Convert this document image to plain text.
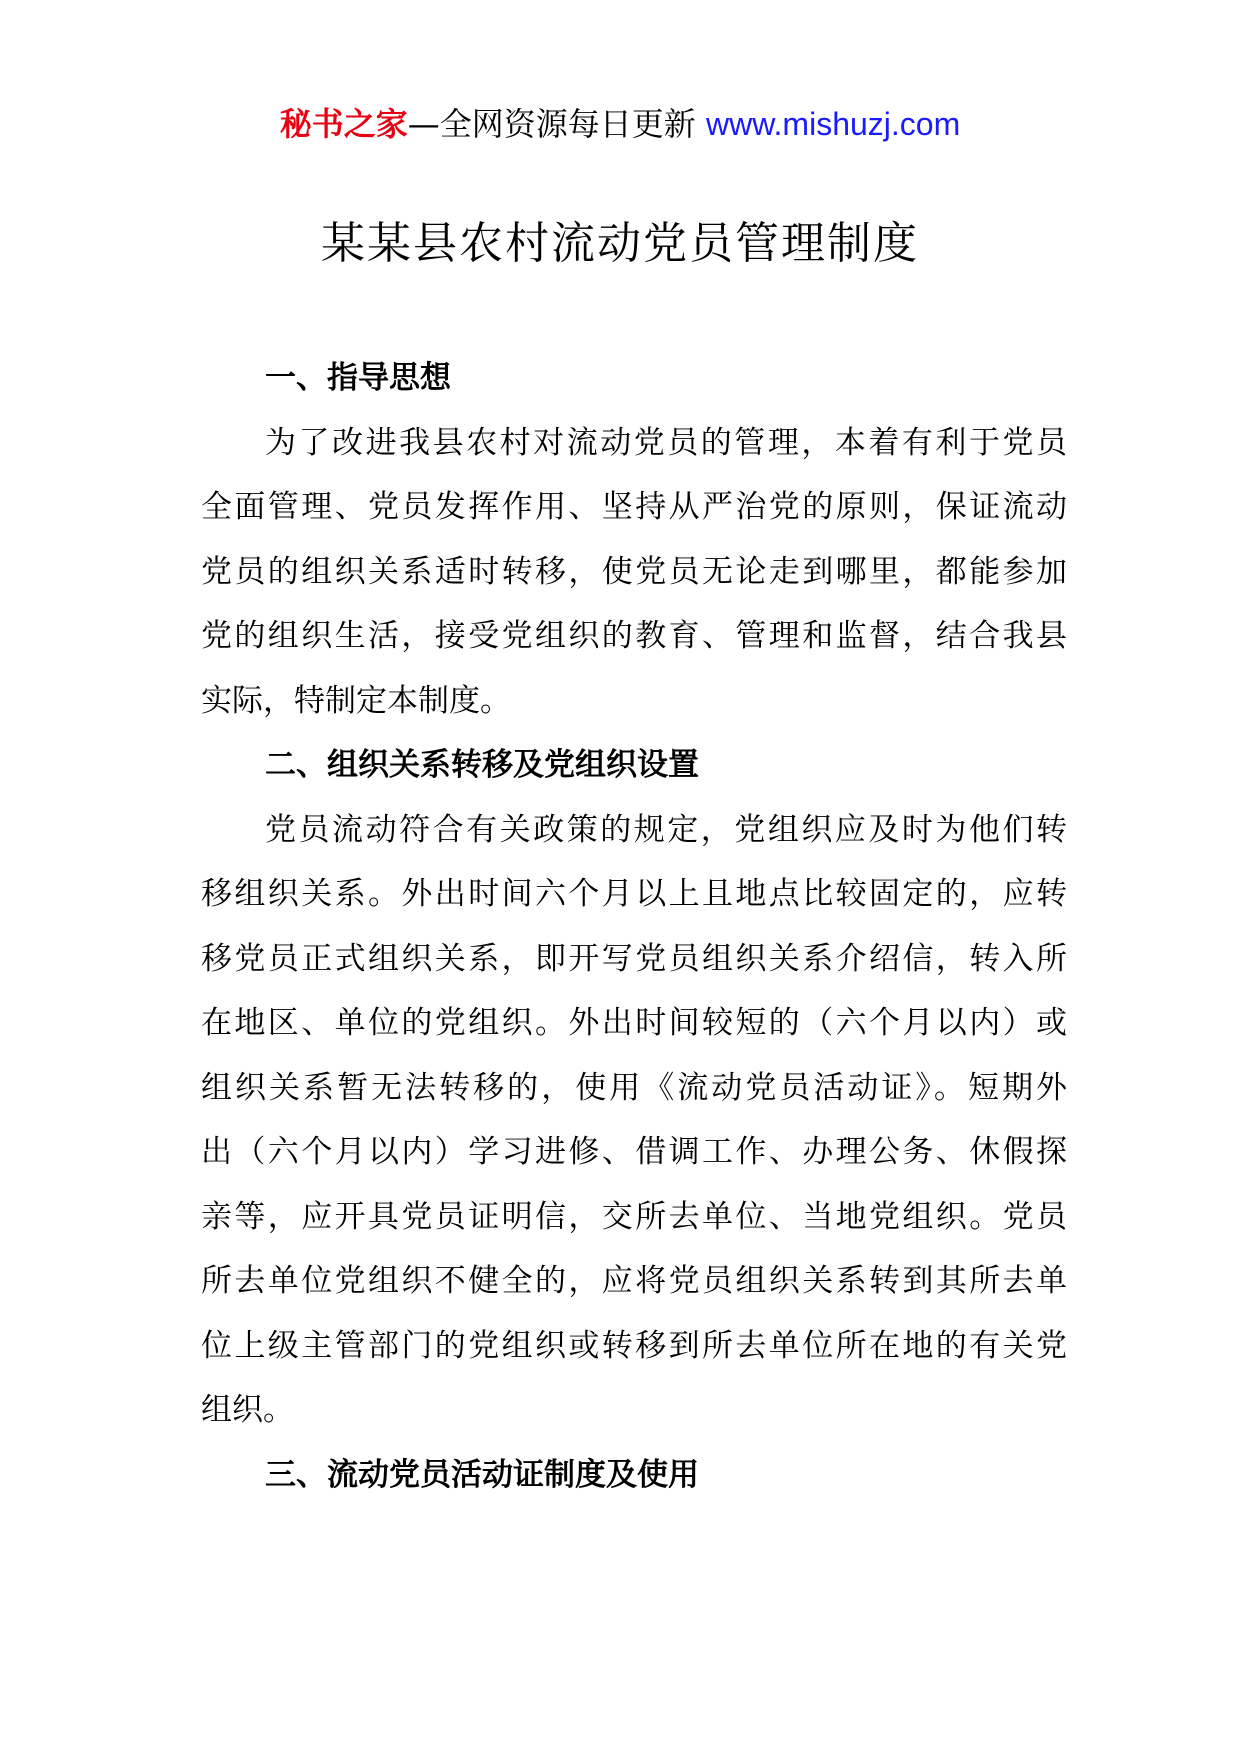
秘书之家—全网资源每日更新 www.mishuzj.com
某某县农村流动党员管理制度

一、指导思想

为了改进我县农村对流动党员的管理，本着有利于党员
全面管理、党员发挥作用、坚持从严治党的原则，保证流动
党员的组织关系适时转移，使党员无论走到哪里，都能参加
党的组织生活，接受党组织的教育、管理和监督，结合我县
实际，特制定本制度。

二、组织关系转移及党组织设置

党员流动符合有关政策的规定，党组织应及时为他们转
移组织关系。外出时间六个月以上且地点比较固定的，应转
移党员正式组织关系，即开写党员组织关系介绍信，转入所
在地区、单位的党组织。外出时间较短的（六个月以内）或
组织关系暂无法转移的，使用《流动党员活动证》。短期外
出（六个月以内）学习进修、借调工作、办理公务、休假探
亲等，应开具党员证明信，交所去单位、当地党组织。党员
所去单位党组织不健全的，应将党员组织关系转到其所去单
位上级主管部门的党组织或转移到所去单位所在地的有关党
组织。

三、流动党员活动证制度及使用
